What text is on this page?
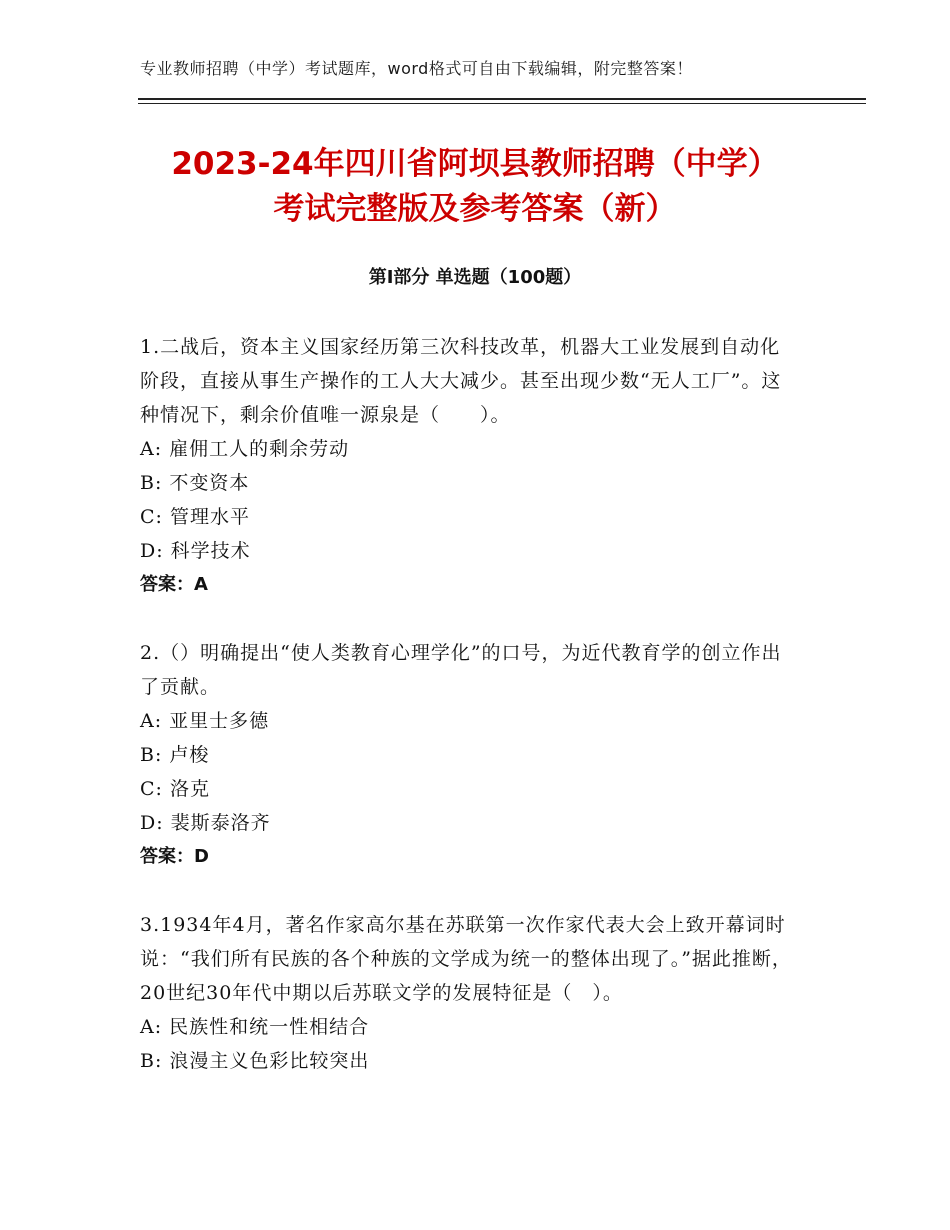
专业教师招聘（中学）考试题库，word格式可自由下载编辑，附完整答案！
2023-24年四川省阿坝县教师招聘（中学）
考试完整版及参考答案（新）
第Ⅰ部分 单选题（100题）
1.二战后，资本主义国家经历第三次科技改革，机器大工业发展到自动化阶段，直接从事生产操作的工人大大减少。甚至出现少数“无人工厂”。这种情况下，剩余价值唯一源泉是（　　）。
A: 雇佣工人的剩余劳动
B: 不变资本
C: 管理水平
D: 科学技术
答案：A
2.（）明确提出“使人类教育心理学化”的口号，为近代教育学的创立作出了贡献。
A: 亚里士多德
B: 卢梭
C: 洛克
D: 裴斯泰洛齐
答案：D
3.1934年4月，著名作家高尔基在苏联第一次作家代表大会上致开幕词时说：“我们所有民族的各个种族的文学成为统一的整体出现了。”据此推断，20世纪30年代中期以后苏联文学的发展特征是（　）。
A: 民族性和统一性相结合
B: 浪漫主义色彩比较突出
